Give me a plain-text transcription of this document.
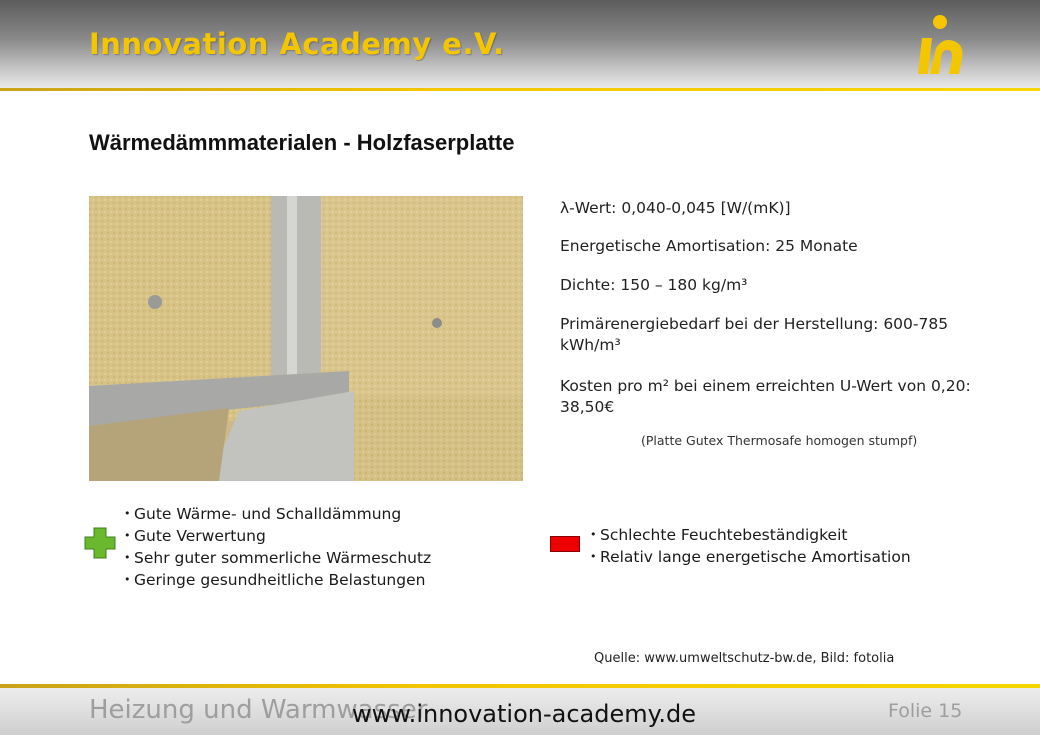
Innovation Academy e.V.
Wärmedämmmaterialen - Holzfaserplatte
λ-Wert: 0,040-0,045 [W/(mK)]
Energetische Amortisation: 25 Monate
Dichte: 150 – 180 kg/m³
Primärenergiebedarf bei der Herstellung: 600-785 kWh/m³
Kosten pro m² bei einem erreichten U-Wert von 0,20: 38,50€
(Platte Gutex Thermosafe homogen stumpf)
• Gute Wärme- und Schalldämmung
• Gute Verwertung
• Sehr guter sommerliche Wärmeschutz
• Geringe gesundheitliche Belastungen
• Schlechte Feuchtebeständigkeit
• Relativ lange energetische Amortisation
Quelle: www.umweltschutz-bw.de, Bild: fotolia
Heizung und Warmwasser
www.innovation-academy.de	Folie 15
